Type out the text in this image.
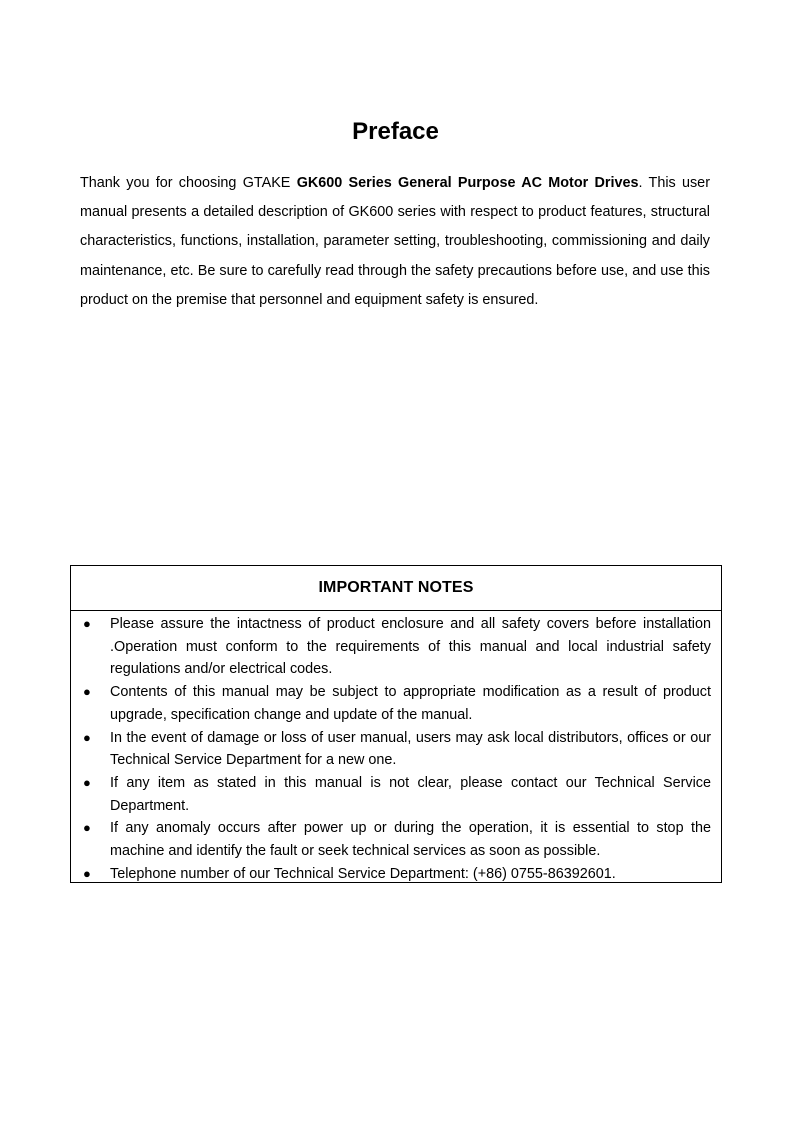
Preface

Thank you for choosing GTAKE GK600 Series General Purpose AC Motor Drives. This user manual presents a detailed description of GK600 series with respect to product features, structural characteristics, functions, installation, parameter setting, troubleshooting, commissioning and daily maintenance, etc. Be sure to carefully read through the safety precautions before use, and use this product on the premise that personnel and equipment safety is ensured.

IMPORTANT NOTES
● Please assure the intactness of product enclosure and all safety covers before installation .Operation must conform to the requirements of this manual and local industrial safety regulations and/or electrical codes.
● Contents of this manual may be subject to appropriate modification as a result of product upgrade, specification change and update of the manual.
● In the event of damage or loss of user manual, users may ask local distributors, offices or our Technical Service Department for a new one.
● If any item as stated in this manual is not clear, please contact our Technical Service Department.
● If any anomaly occurs after power up or during the operation, it is essential to stop the machine and identify the fault or seek technical services as soon as possible.
● Telephone number of our Technical Service Department: (+86) 0755-86392601.
